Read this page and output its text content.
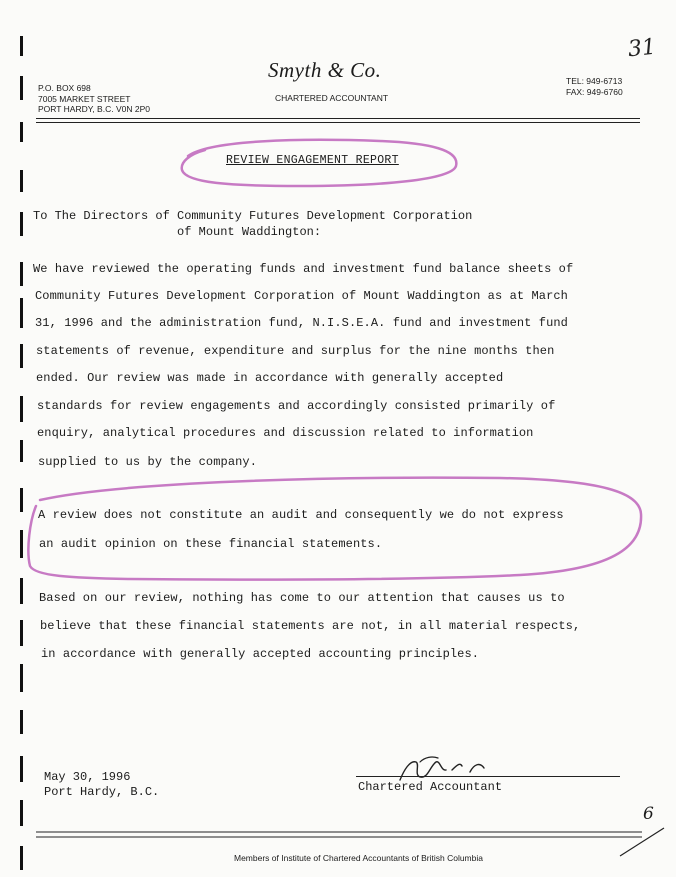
31
P.O. BOX 698
7005 MARKET STREET
PORT HARDY, B.C. V0N 2P0
Smyth & Co.
CHARTERED ACCOUNTANT
TEL: 949-6713
FAX: 949-6760
REVIEW ENGAGEMENT REPORT
To The Directors of Community Futures Development Corporation
of Mount Waddington:
We have reviewed the operating funds and investment fund balance sheets of
Community Futures Development Corporation of Mount Waddington as at March
31, 1996 and the administration fund, N.I.S.E.A. fund and investment fund
statements of revenue, expenditure and surplus for the nine months then
ended. Our review was made in accordance with generally accepted
standards for review engagements and accordingly consisted primarily of
enquiry, analytical procedures and discussion related to information
supplied to us by the company.
A review does not constitute an audit and consequently we do not express
an audit opinion on these financial statements.
Based on our review, nothing has come to our attention that causes us to
believe that these financial statements are not, in all material respects,
in accordance with generally accepted accounting principles.
May 30, 1996
Port Hardy, B.C.	Chartered Accountant
6
Members of Institute of Chartered Accountants of British Columbia
